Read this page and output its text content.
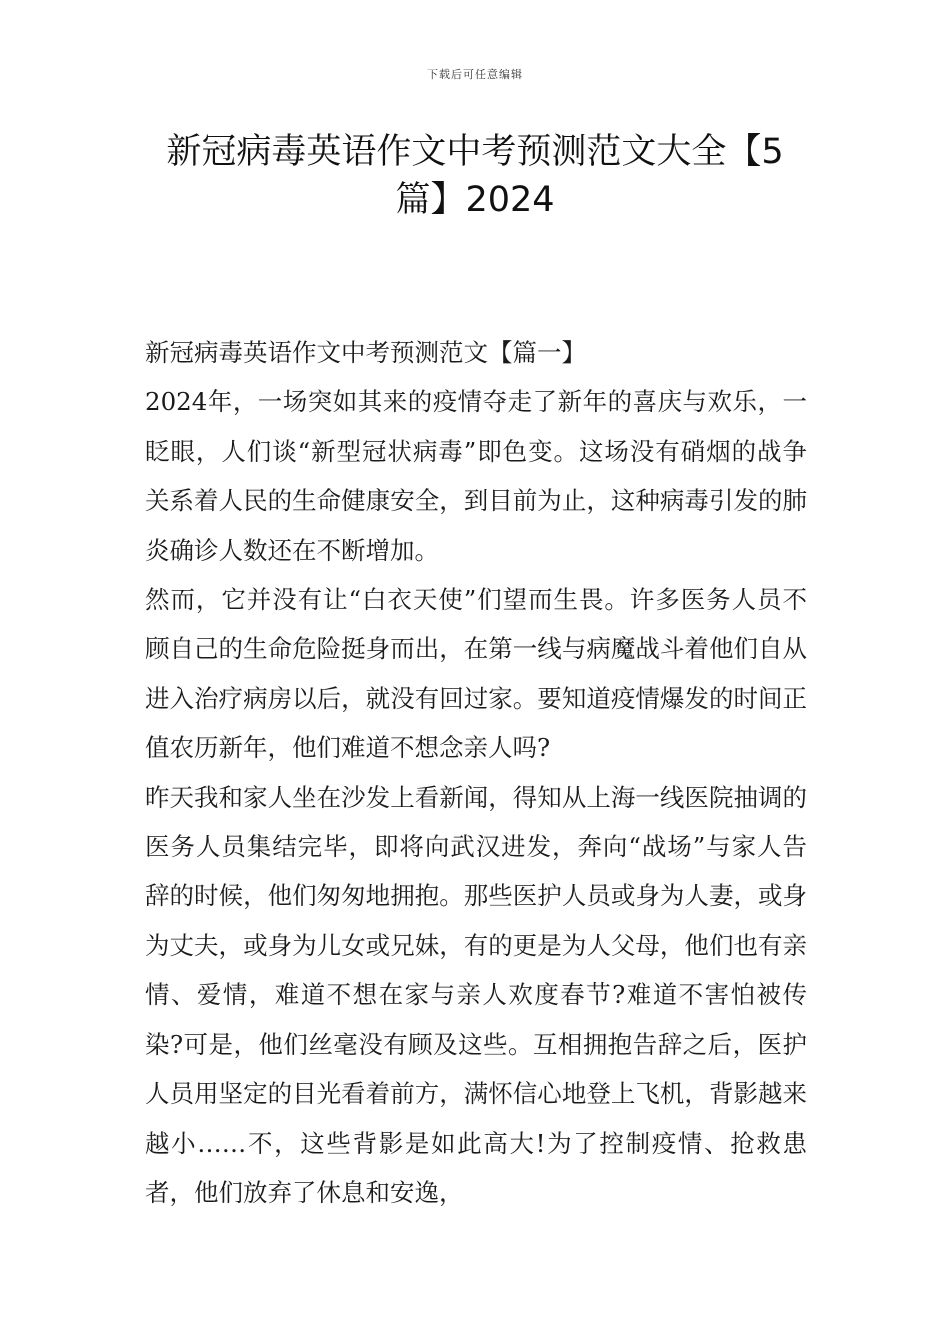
下载后可任意编辑
新冠病毒英语作文中考预测范文大全【5篇】2024

新冠病毒英语作文中考预测范文【篇一】

2024年，一场突如其来的疫情夺走了新年的喜庆与欢乐，一眨眼，人们谈“新型冠状病毒”即色变。这场没有硝烟的战争关系着人民的生命健康安全，到目前为止，这种病毒引发的肺炎确诊人数还在不断增加。

然而，它并没有让“白衣天使”们望而生畏。许多医务人员不顾自己的生命危险挺身而出，在第一线与病魔战斗着他们自从进入治疗病房以后，就没有回过家。要知道疫情爆发的时间正值农历新年，他们难道不想念亲人吗?

昨天我和家人坐在沙发上看新闻，得知从上海一线医院抽调的医务人员集结完毕，即将向武汉进发，奔向“战场”与家人告辞的时候，他们匆匆地拥抱。那些医护人员或身为人妻，或身为丈夫，或身为儿女或兄妹，有的更是为人父母，他们也有亲情、爱情，难道不想在家与亲人欢度春节?难道不害怕被传染?可是，他们丝毫没有顾及这些。互相拥抱告辞之后，医护人员用坚定的目光看着前方，满怀信心地登上飞机，背影越来越小……不，这些背影是如此高大!为了控制疫情、抢救患者，他们放弃了休息和安逸，
